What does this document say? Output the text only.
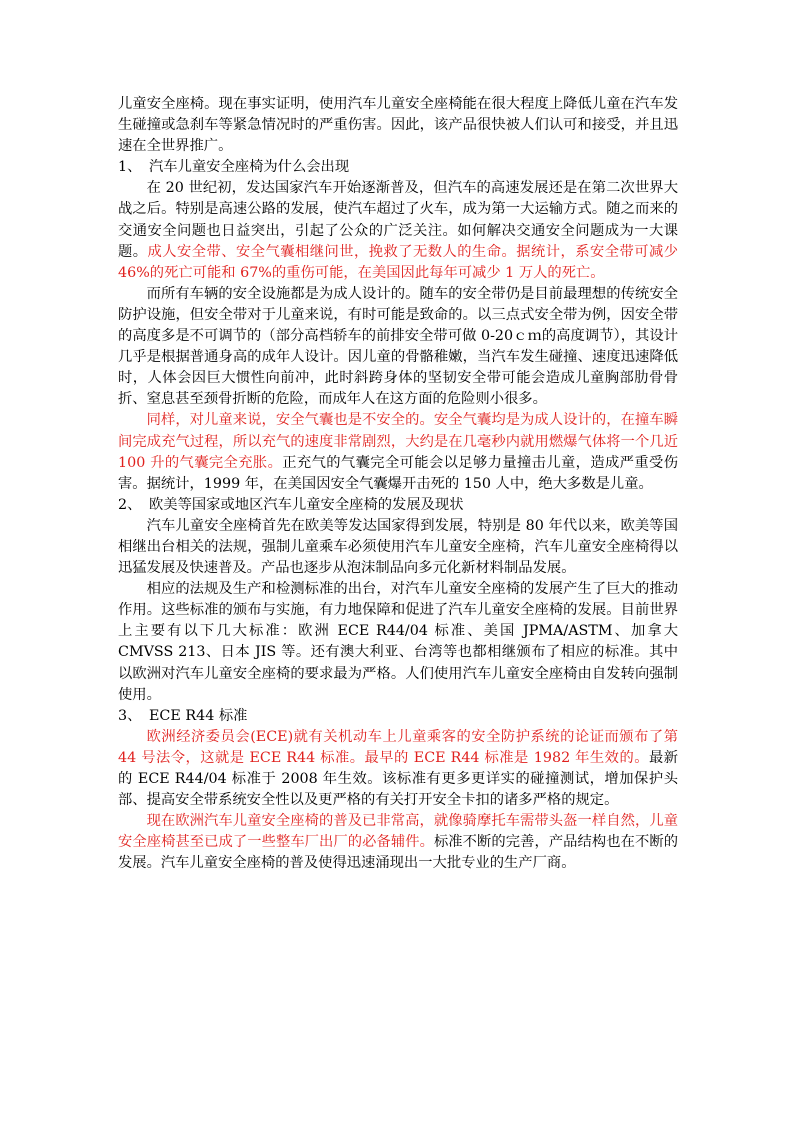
儿童安全座椅。现在事实证明，使用汽车儿童安全座椅能在很大程度上降低儿童在汽车发生碰撞或急刹车等紧急情况时的严重伤害。因此，该产品很快被人们认可和接受，并且迅速在全世界推广。

1、 汽车儿童安全座椅为什么会出现

在 20 世纪初，发达国家汽车开始逐渐普及，但汽车的高速发展还是在第二次世界大战之后。特别是高速公路的发展，使汽车超过了火车，成为第一大运输方式。随之而来的交通安全问题也日益突出，引起了公众的广泛关注。如何解决交通安全问题成为一大课题。成人安全带、安全气囊相继问世，挽救了无数人的生命。据统计，系安全带可减少 46%的死亡可能和 67%的重伤可能，在美国因此每年可减少 1 万人的死亡。

而所有车辆的安全设施都是为成人设计的。随车的安全带仍是目前最理想的传统安全防护设施，但安全带对于儿童来说，有时可能是致命的。以三点式安全带为例，因安全带的高度多是不可调节的（部分高档轿车的前排安全带可做 0-20ｃｍ的高度调节），其设计几乎是根据普通身高的成年人设计。因儿童的骨骼稚嫩，当汽车发生碰撞、速度迅速降低时，人体会因巨大惯性向前冲，此时斜跨身体的坚韧安全带可能会造成儿童胸部肋骨骨折、窒息甚至颈骨折断的危险，而成年人在这方面的危险则小很多。

同样，对儿童来说，安全气囊也是不安全的。安全气囊均是为成人设计的，在撞车瞬间完成充气过程，所以充气的速度非常剧烈，大约是在几毫秒内就用燃爆气体将一个几近 100 升的气囊完全充胀。正充气的气囊完全可能会以足够力量撞击儿童，造成严重受伤害。据统计，1999 年，在美国因安全气囊爆开击死的 150 人中，绝大多数是儿童。

2、 欧美等国家或地区汽车儿童安全座椅的发展及现状

汽车儿童安全座椅首先在欧美等发达国家得到发展，特别是 80 年代以来，欧美等国相继出台相关的法规，强制儿童乘车必须使用汽车儿童安全座椅，汽车儿童安全座椅得以迅猛发展及快速普及。产品也逐步从泡沫制品向多元化新材料制品发展。

相应的法规及生产和检测标准的出台，对汽车儿童安全座椅的发展产生了巨大的推动作用。这些标准的颁布与实施，有力地保障和促进了汽车儿童安全座椅的发展。目前世界上主要有以下几大标准：欧洲 ECE R44/04 标准、美国 JPMA/ASTM、加拿大 CMVSS 213、日本 JIS 等。还有澳大利亚、台湾等也都相继颁布了相应的标准。其中以欧洲对汽车儿童安全座椅的要求最为严格。人们使用汽车儿童安全座椅由自发转向强制使用。

3、 ECE R44 标准

欧洲经济委员会(ECE)就有关机动车上儿童乘客的安全防护系统的论证而颁布了第 44 号法令，这就是 ECE R44 标准。最早的 ECE R44 标准是 1982 年生效的。最新的 ECE R44/04 标准于 2008 年生效。该标准有更多更详实的碰撞测试，增加保护头部、提高安全带系统安全性以及更严格的有关打开安全卡扣的诸多严格的规定。

现在欧洲汽车儿童安全座椅的普及已非常高，就像骑摩托车需带头盔一样自然，儿童安全座椅甚至已成了一些整车厂出厂的必备辅件。标准不断的完善，产品结构也在不断的发展。汽车儿童安全座椅的普及使得迅速涌现出一大批专业的生产厂商。
